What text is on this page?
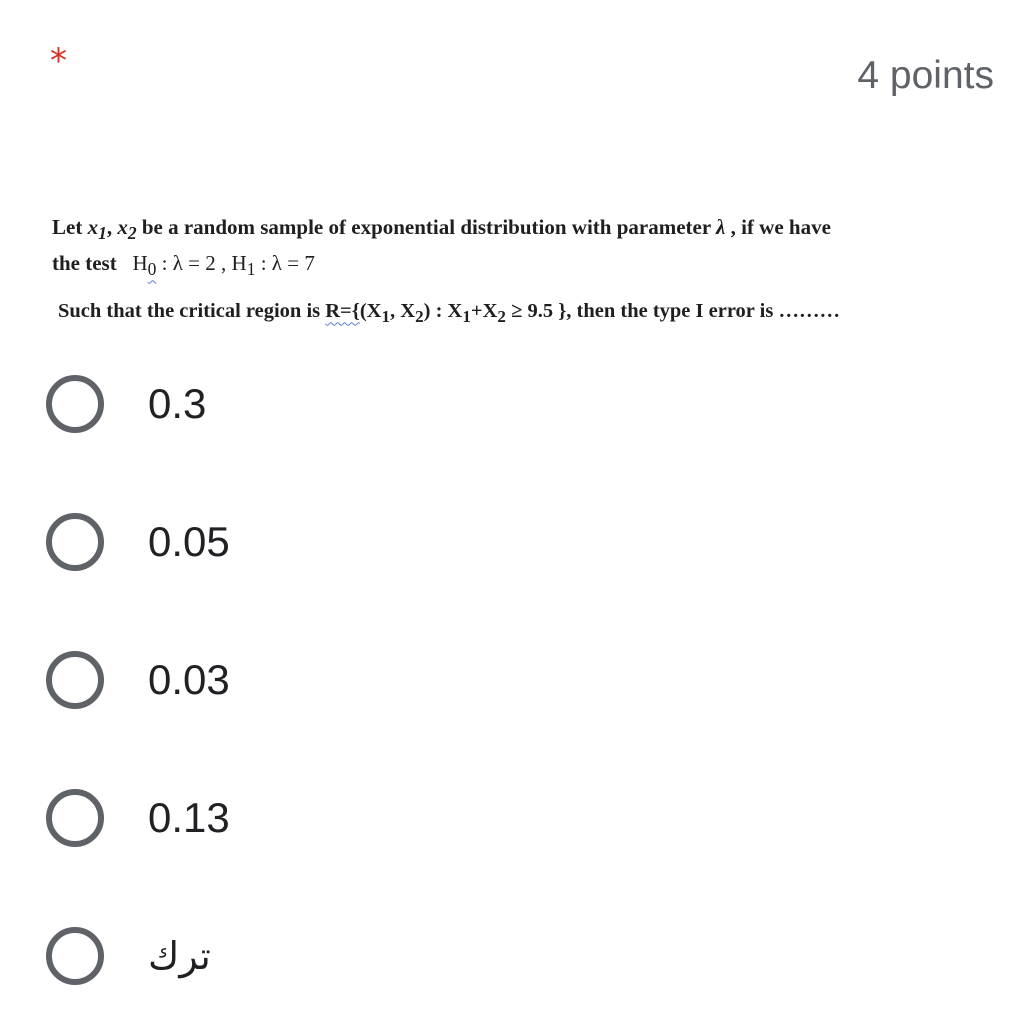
*	4 points

Let $x_1$, $x_2$ be a random sample of exponential distribution with parameter λ , if we have

the test   $H_0$ : λ = 2 , $H_1$ : λ = 7

Such that the critical region is $R=\{(X_1$, $X_2$) : $X_1+X_2 \ge 9.5$ }, then the type I error is ………

0.3
0.05
0.03
0.13
ترك
